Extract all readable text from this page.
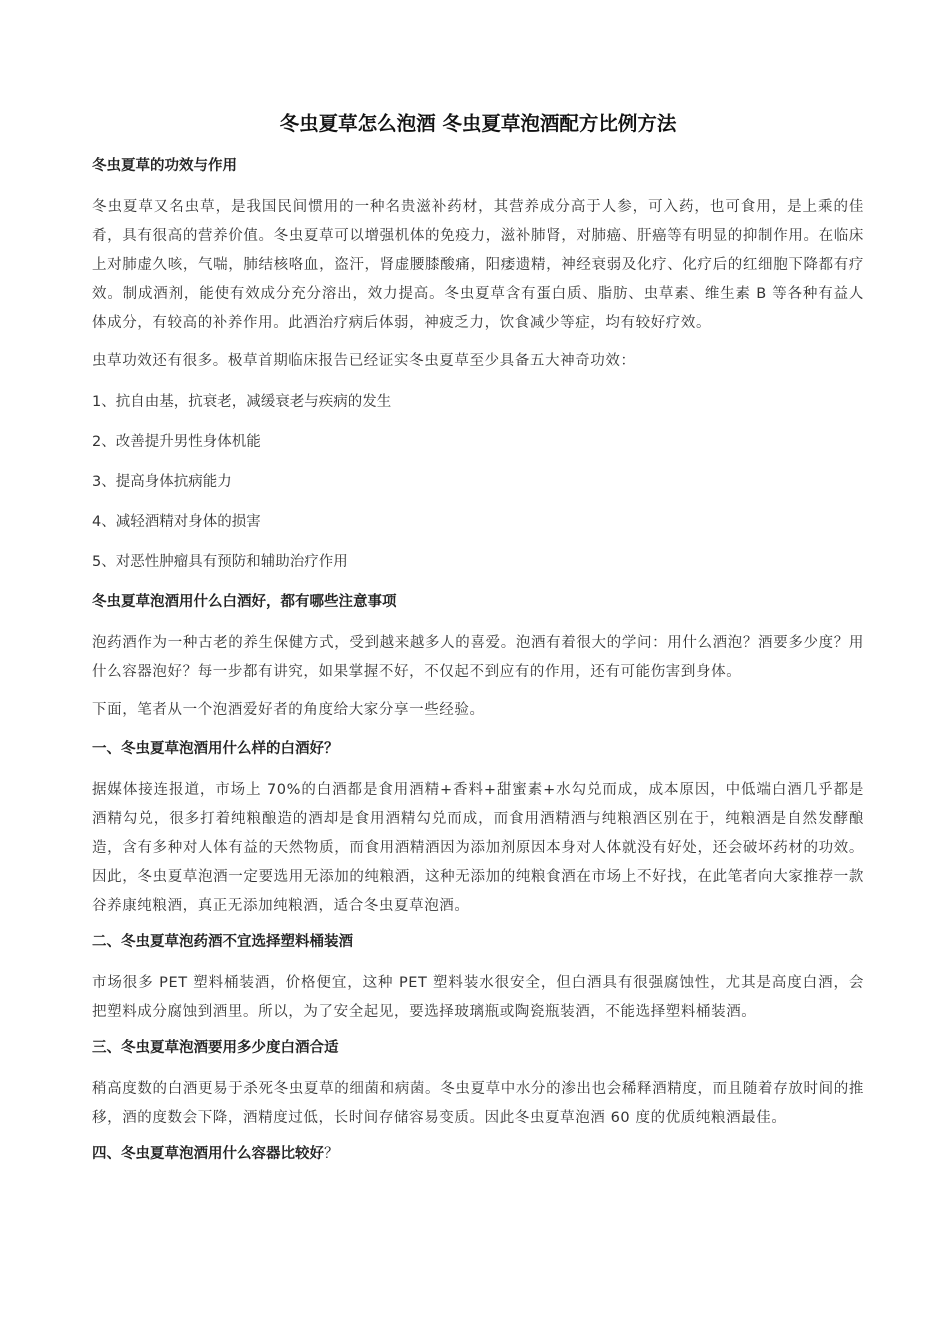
冬虫夏草怎么泡酒 冬虫夏草泡酒配方比例方法
冬虫夏草的功效与作用
冬虫夏草又名虫草，是我国民间惯用的一种名贵滋补药材，其营养成分高于人参，可入药，也可食用，是上乘的佳肴，具有很高的营养价值。冬虫夏草可以增强机体的免疫力，滋补肺肾，对肺癌、肝癌等有明显的抑制作用。在临床上对肺虚久咳，气喘，肺结核咯血，盗汗，肾虚腰膝酸痛，阳痿遗精，神经衰弱及化疗、化疗后的红细胞下降都有疗效。制成酒剂，能使有效成分充分溶出，效力提高。冬虫夏草含有蛋白质、脂肪、虫草素、维生素 B 等各种有益人体成分，有较高的补养作用。此酒治疗病后体弱，神疲乏力，饮食减少等症，均有较好疗效。
虫草功效还有很多。极草首期临床报告已经证实冬虫夏草至少具备五大神奇功效：
1、抗自由基，抗衰老，减缓衰老与疾病的发生
2、改善提升男性身体机能
3、提高身体抗病能力
4、减轻酒精对身体的损害
5、对恶性肿瘤具有预防和辅助治疗作用
冬虫夏草泡酒用什么白酒好，都有哪些注意事项
泡药酒作为一种古老的养生保健方式，受到越来越多人的喜爱。泡酒有着很大的学问：用什么酒泡？酒要多少度？用什么容器泡好？每一步都有讲究，如果掌握不好，不仅起不到应有的作用，还有可能伤害到身体。
下面，笔者从一个泡酒爱好者的角度给大家分享一些经验。
一、冬虫夏草泡酒用什么样的白酒好？
据媒体接连报道，市场上 70%的白酒都是食用酒精+香料+甜蜜素+水勾兑而成，成本原因，中低端白酒几乎都是酒精勾兑，很多打着纯粮酿造的酒却是食用酒精勾兑而成，而食用酒精酒与纯粮酒区别在于，纯粮酒是自然发酵酿造，含有多种对人体有益的天然物质，而食用酒精酒因为添加剂原因本身对人体就没有好处，还会破坏药材的功效。因此，冬虫夏草泡酒一定要选用无添加的纯粮酒，这种无添加的纯粮食酒在市场上不好找，在此笔者向大家推荐一款谷养康纯粮酒，真正无添加纯粮酒，适合冬虫夏草泡酒。
二、冬虫夏草泡药酒不宜选择塑料桶装酒
市场很多 PET 塑料桶装酒，价格便宜，这种 PET 塑料装水很安全，但白酒具有很强腐蚀性，尤其是高度白酒，会把塑料成分腐蚀到酒里。所以，为了安全起见，要选择玻璃瓶或陶瓷瓶装酒，不能选择塑料桶装酒。
三、冬虫夏草泡酒要用多少度白酒合适
稍高度数的白酒更易于杀死冬虫夏草的细菌和病菌。冬虫夏草中水分的渗出也会稀释酒精度，而且随着存放时间的推移，酒的度数会下降，酒精度过低，长时间存储容易变质。因此冬虫夏草泡酒 60 度的优质纯粮酒最佳。
四、冬虫夏草泡酒用什么容器比较好？
